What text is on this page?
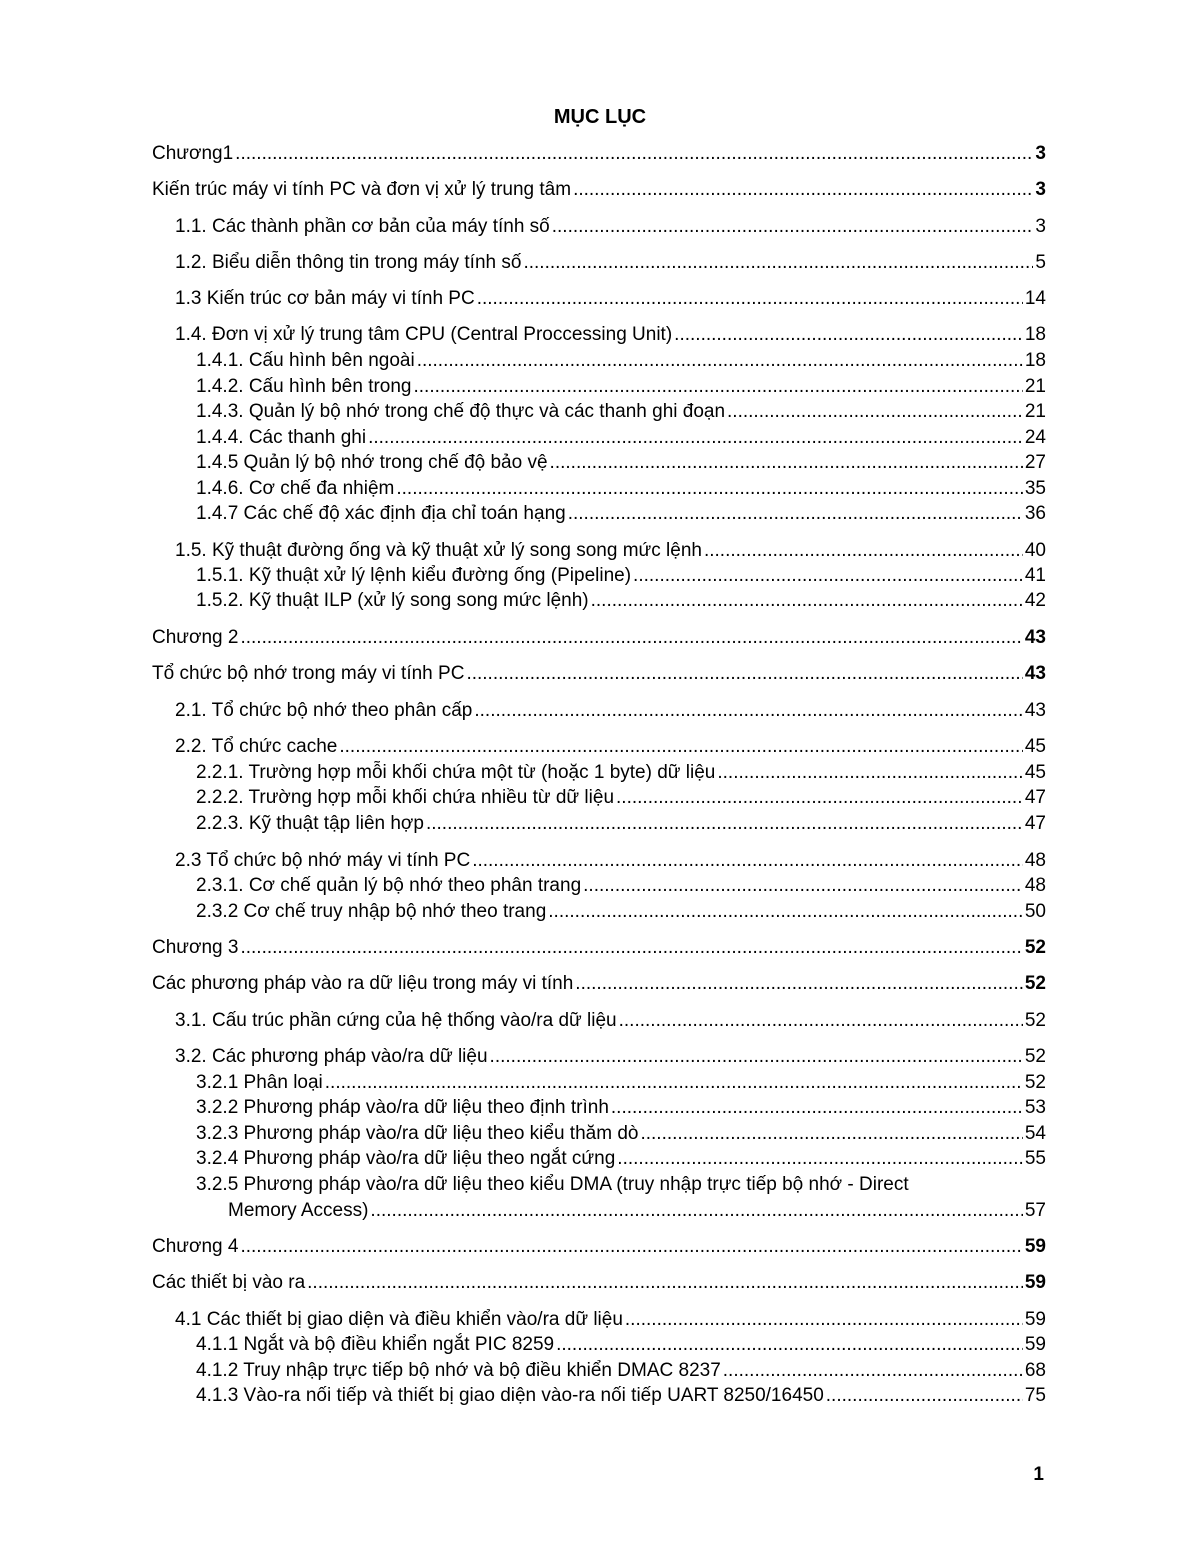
MỤC LỤC
Chương1 .....	3
Kiến trúc máy vi tính PC và đơn vị xử lý trung tâm .....	3
1.1. Các thành phần cơ bản của máy tính số .....	3
1.2. Biểu diễn thông tin trong máy tính số .....	5
1.3 Kiến trúc cơ bản máy vi tính PC .....	14
1.4. Đơn vị xử lý trung tâm CPU (Central Proccessing Unit) .....	18
1.4.1. Cấu hình bên ngoài .....	18
1.4.2. Cấu hình bên trong .....	21
1.4.3. Quản lý bộ nhớ trong chế độ thực và các thanh ghi đoạn .....	21
1.4.4. Các thanh ghi .....	24
1.4.5 Quản lý bộ nhớ trong chế độ bảo vệ .....	27
1.4.6. Cơ chế đa nhiệm .....	35
1.4.7 Các chế độ xác định địa chỉ toán hạng .....	36
1.5. Kỹ thuật đường ống và kỹ thuật xử lý song song mức lệnh .....	40
1.5.1. Kỹ thuật xử lý lệnh kiểu đường ống (Pipeline) .....	41
1.5.2. Kỹ thuật ILP (xử lý song song mức lệnh) .....	42
Chương 2 .....	43
Tổ chức bộ nhớ trong máy vi tính PC .....	43
2.1. Tổ chức bộ nhớ theo phân cấp .....	43
2.2. Tổ chức cache .....	45
2.2.1. Trường hợp mỗi khối chứa một từ (hoặc 1 byte) dữ liệu .....	45
2.2.2. Trường hợp mỗi khối chứa nhiều từ dữ liệu .....	47
2.2.3. Kỹ thuật tập liên hợp .....	47
2.3 Tổ chức bộ nhớ máy vi tính PC .....	48
2.3.1. Cơ chế quản lý bộ nhớ theo phân trang .....	48
2.3.2 Cơ chế truy nhập bộ nhớ theo trang .....	50
Chương 3 .....	52
Các phương pháp vào ra dữ liệu trong máy vi tính .....	52
3.1. Cấu trúc phần cứng của hệ thống vào/ra dữ liệu .....	52
3.2. Các phương pháp vào/ra dữ liệu .....	52
3.2.1 Phân loại .....	52
3.2.2 Phương pháp vào/ra dữ liệu theo định trình .....	53
3.2.3 Phương pháp vào/ra dữ liệu theo kiểu thăm dò .....	54
3.2.4 Phương pháp vào/ra dữ liệu theo ngắt cứng .....	55
3.2.5 Phương pháp vào/ra dữ liệu theo kiểu DMA (truy nhập trực tiếp bộ nhớ - Direct
Memory Access) .....	57
Chương 4 .....	59
Các thiết bị vào ra .....	59
4.1 Các thiết bị giao diện và điều khiển vào/ra dữ liệu .....	59
4.1.1 Ngắt và bộ điều khiển ngắt PIC 8259 .....	59
4.1.2 Truy nhập trực tiếp bộ nhớ và bộ điều khiển DMAC 8237 .....	68
4.1.3 Vào-ra nối tiếp và thiết bị giao diện vào-ra nối tiếp UART 8250/16450 .....	75
1
